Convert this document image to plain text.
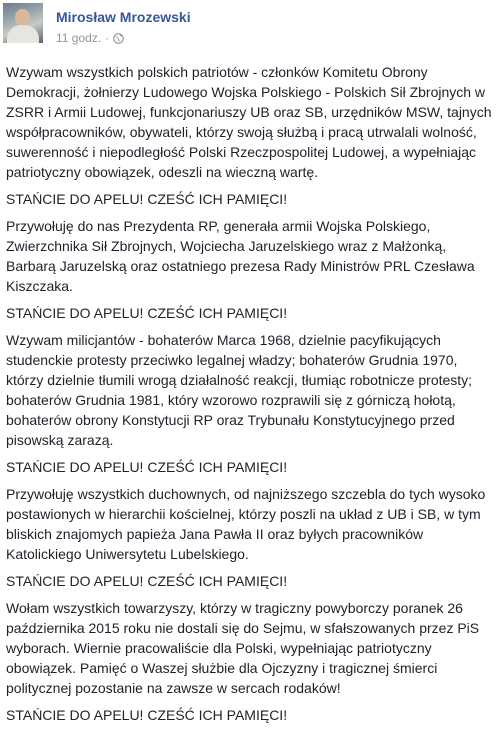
Mirosław Mrozewski
11 godz. ·

Wzywam wszystkich polskich patriotów - członków Komitetu Obrony Demokracji, żołnierzy Ludowego Wojska Polskiego - Polskich Sił Zbrojnych w ZSRR i Armii Ludowej, funkcjonariuszy UB oraz SB, urzędników MSW, tajnych współpracowników, obywateli, którzy swoją służbą i pracą utrwalali wolność, suwerenność i niepodległość Polski Rzeczpospolitej Ludowej, a wypełniając patriotyczny obowiązek, odeszli na wieczną wartę.

STAŃCIE DO APELU! CZEŚĆ ICH PAMIĘCI!

Przywołuję do nas Prezydenta RP, generała armii Wojska Polskiego, Zwierzchnika Sił Zbrojnych, Wojciecha Jaruzelskiego wraz z Małżonką, Barbarą Jaruzelską oraz ostatniego prezesa Rady Ministrów PRL Czesława Kiszczaka.

STAŃCIE DO APELU! CZEŚĆ ICH PAMIĘCI!

Wzywam milicjantów - bohaterów Marca 1968, dzielnie pacyfikujących studenckie protesty przeciwko legalnej władzy; bohaterów Grudnia 1970, którzy dzielnie tłumili wrogą działalność reakcji, tłumiąc robotnicze protesty; bohaterów Grudnia 1981, który wzorowo rozprawili się z górniczą hołotą, bohaterów obrony Konstytucji RP oraz Trybunału Konstytucyjnego przed pisowską zarazą.

STAŃCIE DO APELU! CZEŚĆ ICH PAMIĘCI!

Przywołuję wszystkich duchownych, od najniższego szczebla do tych wysoko postawionych w hierarchii kościelnej, którzy poszli na układ z UB i SB, w tym bliskich znajomych papieża Jana Pawła II oraz byłych pracowników Katolickiego Uniwersytetu Lubelskiego.

STAŃCIE DO APELU! CZEŚĆ ICH PAMIĘCI!

Wołam wszystkich towarzyszy, którzy w tragiczny powyborczy poranek 26 października 2015 roku nie dostali się do Sejmu, w sfałszowanych przez PiS wyborach. Wiernie pracowaliście dla Polski, wypełniając patriotyczny obowiązek. Pamięć o Waszej służbie dla Ojczyzny i tragicznej śmierci politycznej pozostanie na zawsze w sercach rodaków!

STAŃCIE DO APELU! CZEŚĆ ICH PAMIĘCI!
